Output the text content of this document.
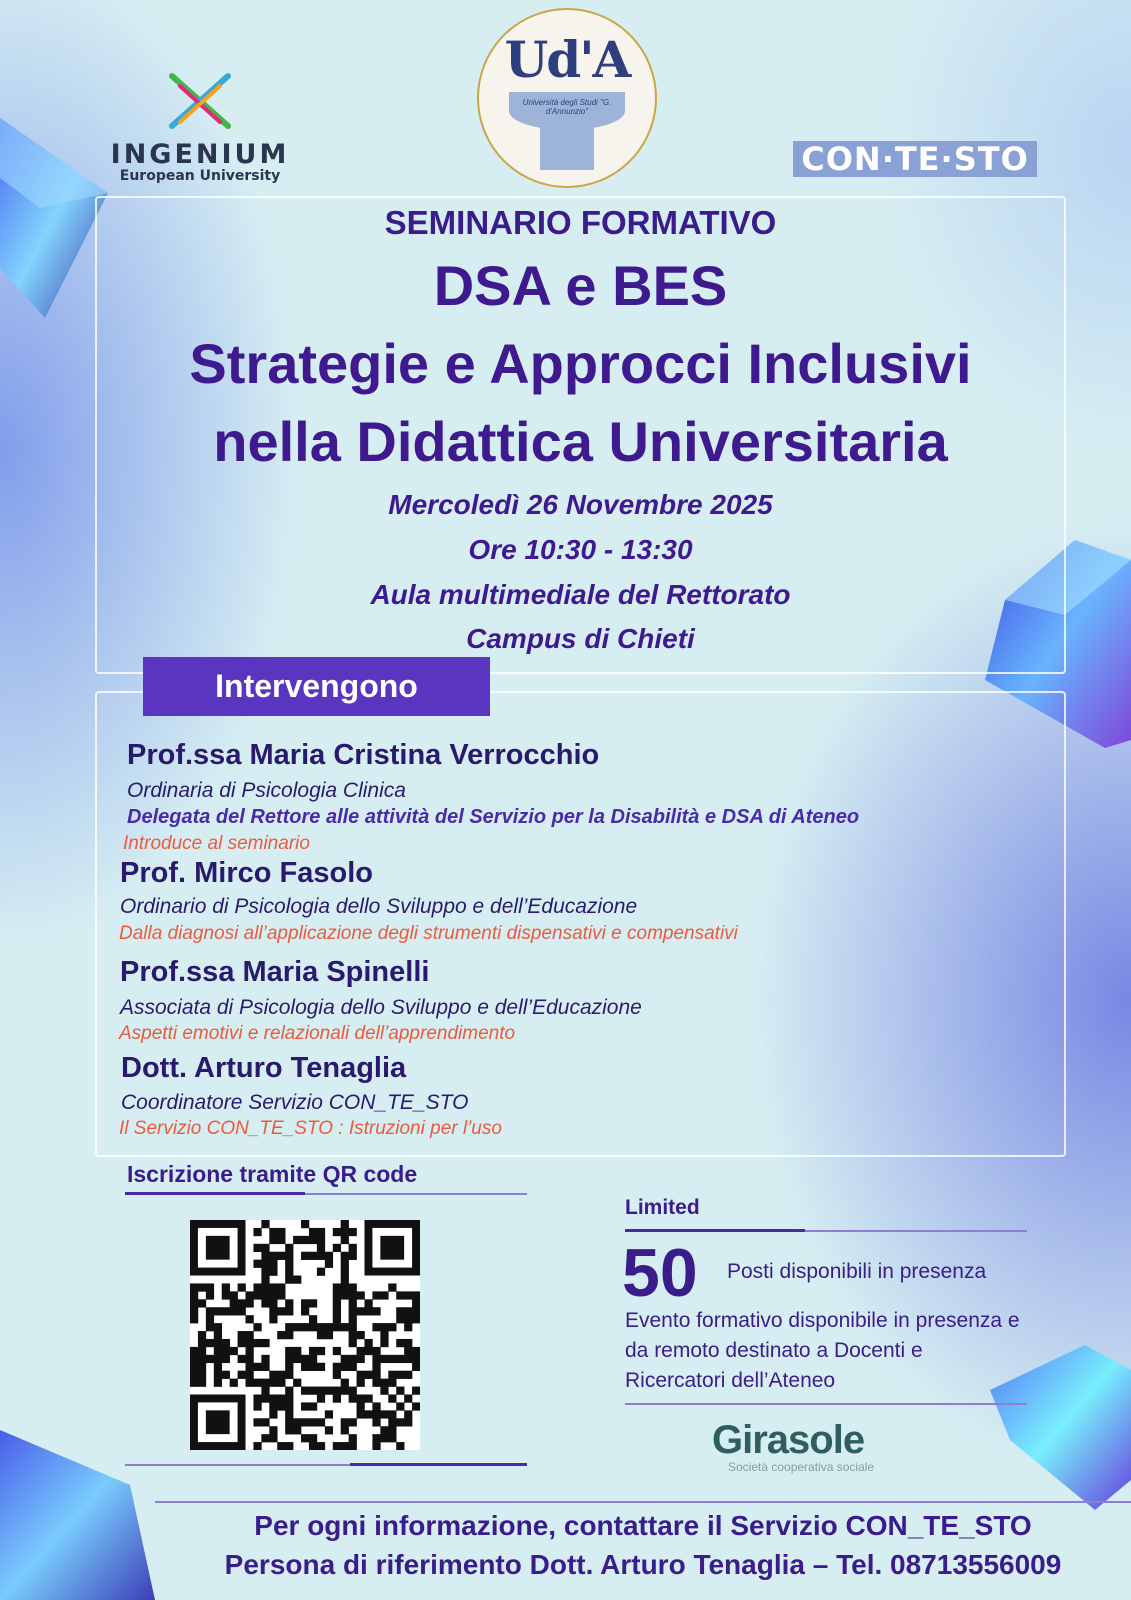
INGENIUM
European University
Ud'A
Università degli Studi "G. d'Annunzio"
CON·TE·STO
SEMINARIO FORMATIVO
DSA e BES
Strategie e Approcci Inclusivi
nella Didattica Universitaria
Mercoledì 26 Novembre 2025
Ore 10:30 - 13:30
Aula multimediale del Rettorato
Campus di Chieti
Intervengono
Prof.ssa Maria Cristina Verrocchio
Ordinaria di Psicologia Clinica
Delegata del Rettore alle attività del Servizio per la Disabilità e DSA di Ateneo
Introduce al seminario
Prof. Mirco Fasolo
Ordinario di Psicologia dello Sviluppo e dell’Educazione
Dalla diagnosi all’applicazione degli strumenti dispensativi e compensativi
Prof.ssa Maria Spinelli
Associata di Psicologia dello Sviluppo e dell’Educazione
Aspetti emotivi e relazionali dell’apprendimento
Dott. Arturo Tenaglia
Coordinatore Servizio CON_TE_STO
Il Servizio CON_TE_STO : Istruzioni per l’uso
Iscrizione tramite QR code
Limited
50 Posti disponibili in presenza
Evento formativo disponibile in presenza e da remoto destinato a Docenti e Ricercatori dell’Ateneo
Girasole
Società cooperativa sociale
Per ogni informazione, contattare il Servizio CON_TE_STO
Persona di riferimento Dott. Arturo Tenaglia – Tel. 08713556009
